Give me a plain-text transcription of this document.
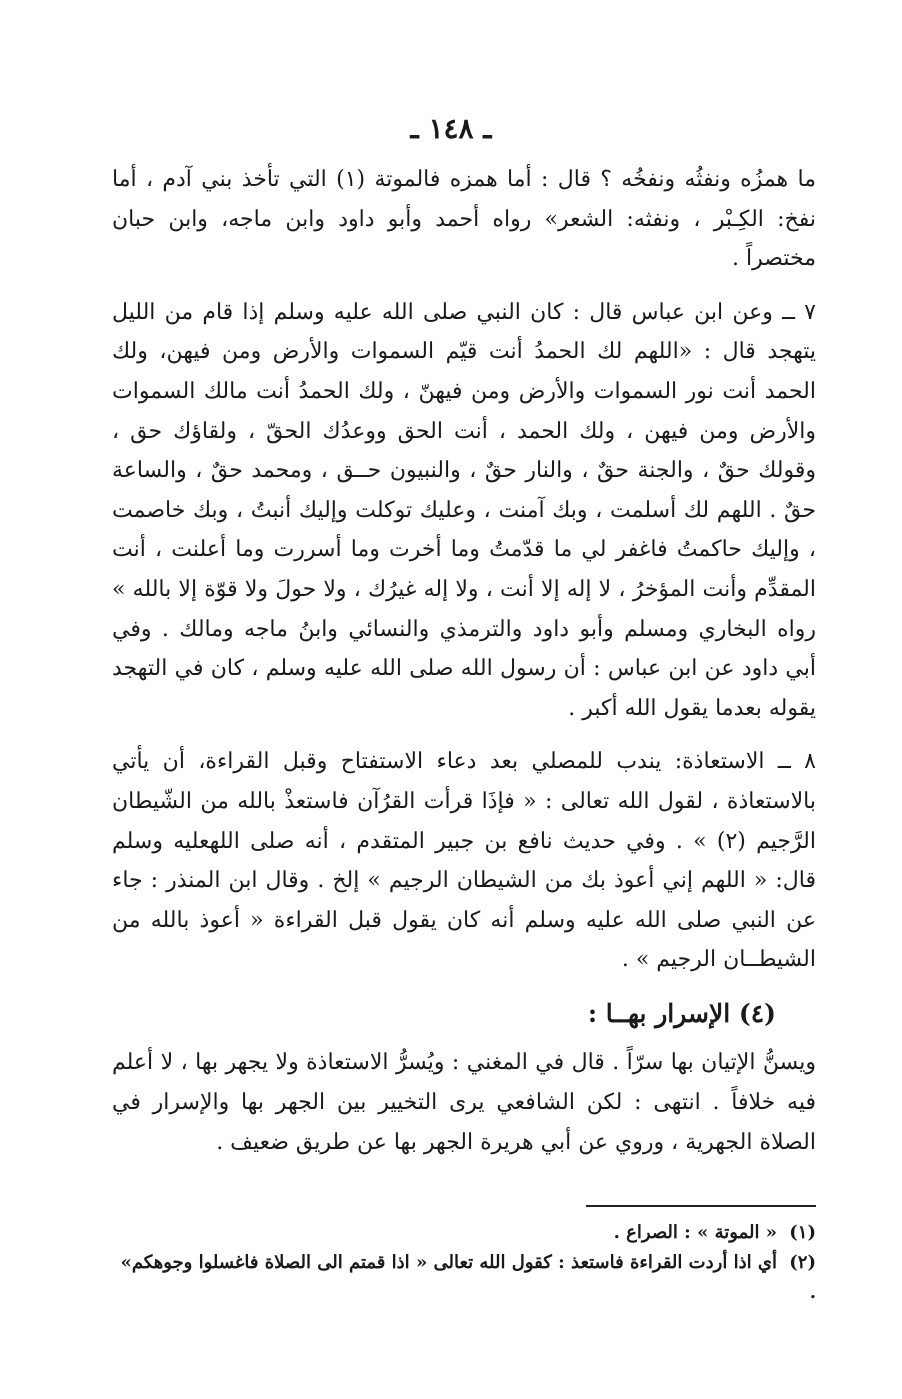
ـ ١٤٨ ـ

ما همزُه ونفثُه ونفخُه ؟ قال : أما همزه فالموتة (١) التي تأخذ بني آدم ، أما نفخ: الكِـبْر ، ونفثه: الشعر» رواه أحمد وأبو داود وابن ماجه، وابن حبان مختصراً .

٧ ــ وعن ابن عباس قال : كان النبي صلى الله عليه وسلم إذا قام من الليل يتهجد قال : «اللهم لك الحمدُ أنت قيّم السموات والأرض ومن فيهن، ولك الحمد أنت نور السموات والأرض ومن فيهنّ ، ولك الحمدُ أنت مالك السموات والأرض ومن فيهن ، ولك الحمد ، أنت الحق ووعدُك الحقّ ، ولقاؤك حق ، وقولك حقٌ ، والجنة حقٌ ، والنار حقٌ ، والنبيون حــق ، ومحمد حقٌ ، والساعة حقٌ . اللهم لك أسلمت ، وبك آمنت ، وعليك توكلت وإليك أنبتُ ، وبك خاصمت ، وإليك حاكمتُ فاغفر لي ما قدّمتُ وما أخرت وما أسررت وما أعلنت ، أنت المقدِّم وأنت المؤخرُ ، لا إله إلا أنت ، ولا إله غيرُك ، ولا حولَ ولا قوّة إلا بالله » رواه البخاري ومسلم وأبو داود والترمذي والنسائي وابنُ ماجه ومالك . وفي أبي داود عن ابن عباس : أن رسول الله صلى الله عليه وسلم ، كان في التهجد يقوله بعدما يقول الله أكبر .

٨ ــ الاستعاذة: يندب للمصلي بعد دعاء الاستفتاح وقبل القراءة، أن يأتي بالاستعاذة ، لقول الله تعالى : « فإذَا قرأت القرُآن فاستعذْ بالله من الشّيطان الرَّجيم (٢) » . وفي حديث نافع بن جبير المتقدم ، أنه صلى اللهعليه وسلم قال: « اللهم إني أعوذ بك من الشيطان الرجيم » إلخ . وقال ابن المنذر : جاء عن النبي صلى الله عليه وسلم أنه كان يقول قبل القراءة « أعوذ بالله من الشيطــان الرجيم » .

(٤) الإسرار بهــا :

ويسنُّ الإتيان بها سرّاً . قال في المغني : ويُسرُّ الاستعاذة ولا يجهر بها ، لا أعلم فيه خلافاً . انتهى : لكن الشافعي يرى التخيير بين الجهر بها والإسرار في الصلاة الجهرية ، وروي عن أبي هريرة الجهر بها عن طريق ضعيف .

(١) « الموتة » : الصراع .

(٢) أي اذا أردت القراءة فاستعذ : كقول الله تعالى « اذا قمتم الى الصلاة فاغسلوا وجوهكم» .
